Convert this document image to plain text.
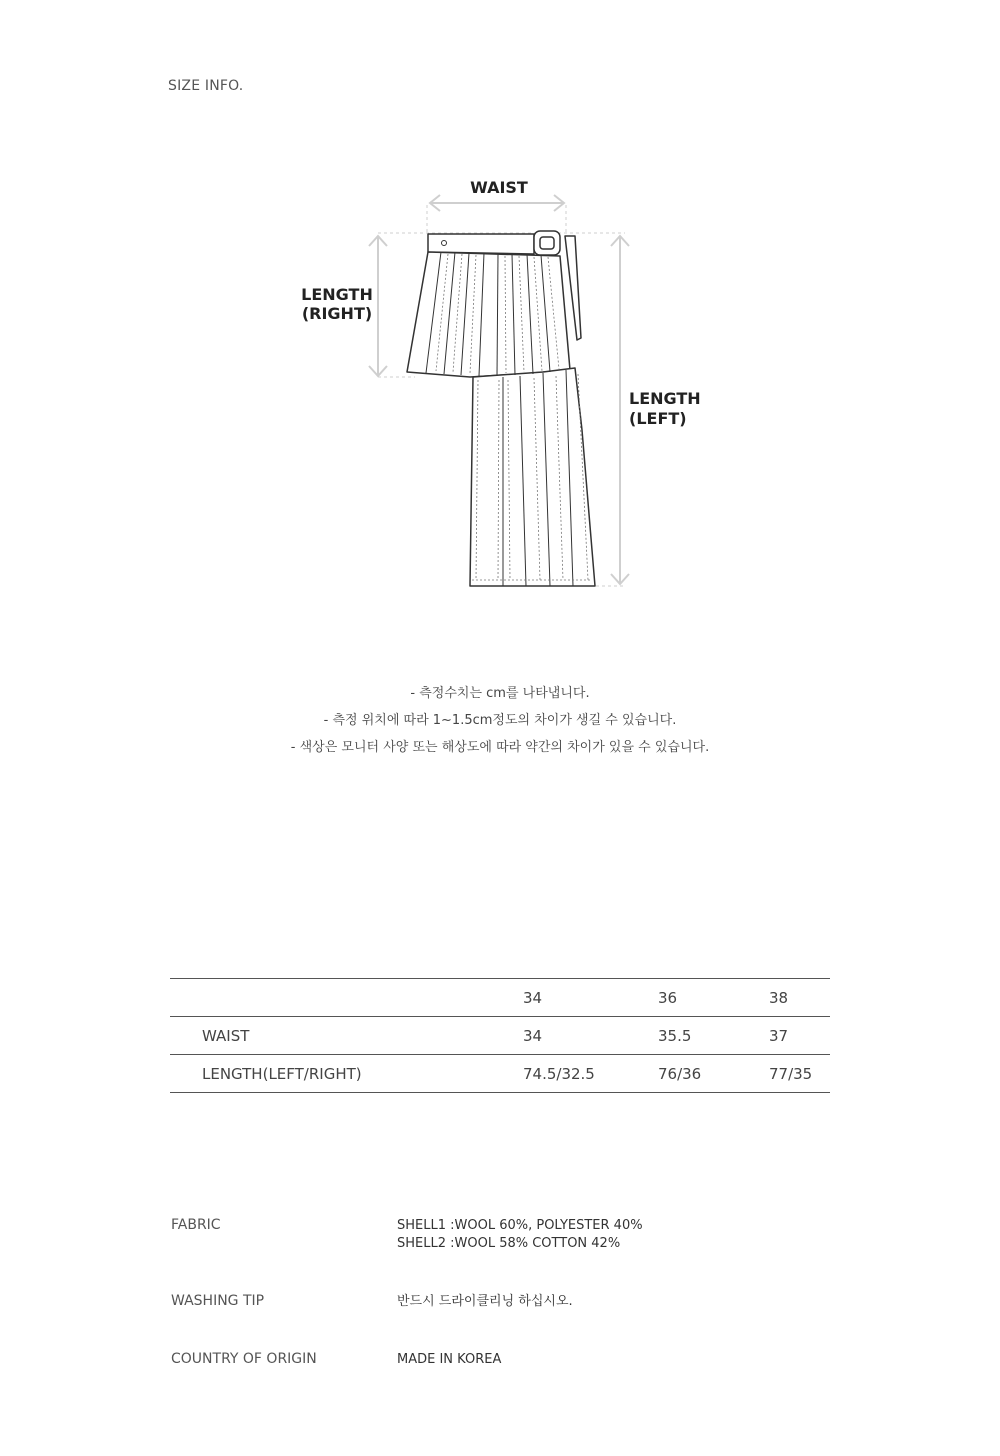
SIZE INFO.
WAIST
LENGTH
(RIGHT)
LENGTH
(LEFT)
- 측정수치는 cm를 나타냅니다.
- 측정 위치에 따라 1~1.5cm정도의 차이가 생길 수 있습니다.
- 색상은 모니터 사양 또는 해상도에 따라 약간의 차이가 있을 수 있습니다.
	34	36	38
WAIST	34	35.5	37
LENGTH(LEFT/RIGHT)	74.5/32.5	76/36	77/35
FABRIC	SHELL1 :WOOL 60%, POLYESTER 40%
SHELL2 :WOOL 58% COTTON 42%
WASHING TIP	반드시 드라이클리닝 하십시오.
COUNTRY OF ORIGIN	MADE IN KOREA
